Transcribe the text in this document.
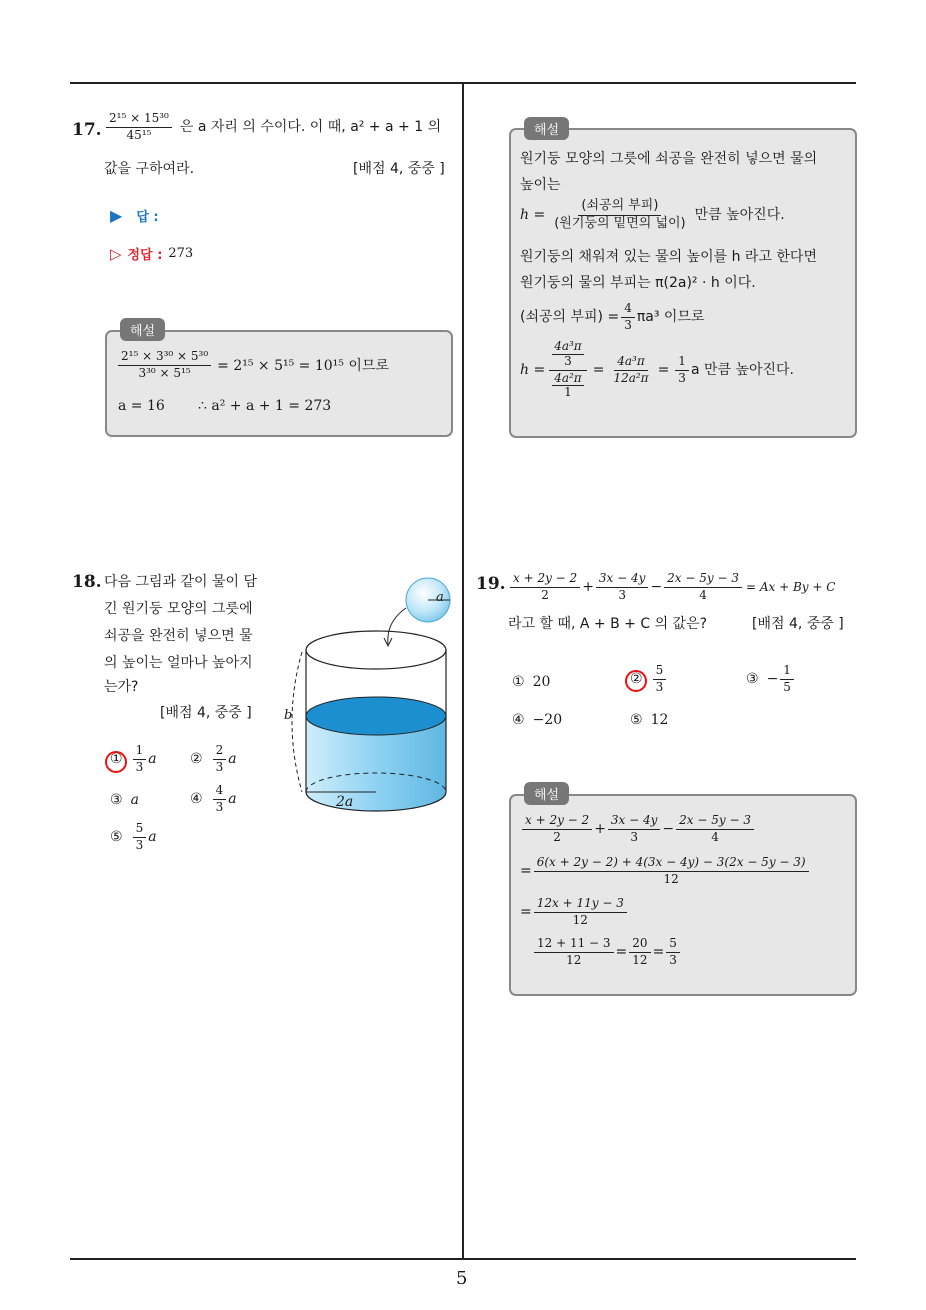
5
17. $\frac{\text{2¹⁵ × 15³⁰}}{\text{45¹⁵}}$ 은 a 자리 의 수이다. 이 때, a² + a + 1 의
값을 구하여라.	[배점 4, 중중 ]
▶ 답 :
▷ 정답 : 273
해설
$\frac{\text{2¹⁵ × 3³⁰ × 5³⁰}}{\text{3³⁰ × 5¹⁵}} = 2^{15} \times 5^{15} = 10^{15}$ 이므로
a = 16 ∴ a² + a + 1 = 273
해설
원기둥 모양의 그릇에 쇠공을 완전히 넣으면 물의
높이는
$h = \frac{\text{(쇠공의 부피)}}{\text{(원기둥의 밑면의 넓이)}}$ 만큼 높아진다.
원기둥의 채워져 있는 물의 높이를 h 라고 한다면
원기둥의 물의 부피는 π(2a)² · h 이다.
(쇠공의 부피) = $\frac{4}{3} \pi a^3$ 이므로
$h = \frac{\frac{\text{4a³π}}{3}}{\frac{\text{4a²π}}{1}} = \frac{\text{4a³π}}{\text{12a²π}} = \frac{1}{3}$ a 만큼 높아진다.
18. 다음 그림과 같이 물이 담
긴 원기둥 모양의 그릇에
쇠공을 완전히 넣으면 물
의 높이는 얼마나 높아지
는가?
[배점 4, 중중 ]
① $\frac{1}{3}$ a ② $\frac{2}{3}$ a
③ a	④ $\frac{4}{3}$ a
⑤ $\frac{5}{3}$ a
a
b
2a
19. $\frac{x + 2y - 2}{2} + \frac{3x - 4y}{3} - \frac{2x - 5y - 3}{4} = Ax + By + C$
라고 할 때, A + B + C 의 값은?	[배점 4, 중중 ]
① 20	② $\frac{5}{3}$	③ − $\frac{1}{5}$
④ −20	⑤ 12
해설
$\frac{x + 2y - 2}{2} + \frac{3x - 4y}{3} - \frac{2x - 5y - 3}{4}$
= $\frac{6(x + 2y - 2) + 4(3x - 4y) - 3(2x - 5y - 3)}{12}$
= $\frac{12x + 11y - 3}{12}$
$\frac{12 + 11 - 3}{12} = \frac{20}{12} = \frac{5}{3}$
